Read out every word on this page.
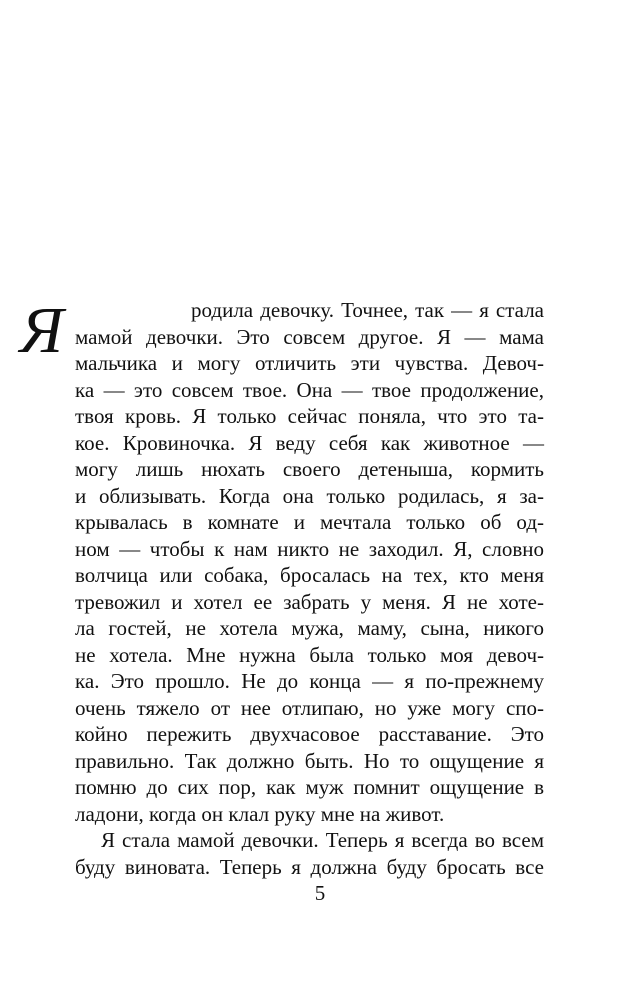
Я	родила девочку. Точнее, так — я стала
мамой девочки. Это совсем другое. Я — мама
мальчика и могу отличить эти чувства. Девоч-
ка — это совсем твое. Она — твое продолжение,
твоя кровь. Я только сейчас поняла, что это та-
кое. Кровиночка. Я веду себя как животное —
могу лишь нюхать своего детеныша, кормить
и облизывать. Когда она только родилась, я за-
крывалась в комнате и мечтала только об од-
ном — чтобы к нам никто не заходил. Я, словно
волчица или собака, бросалась на тех, кто меня
тревожил и хотел ее забрать у меня. Я не хоте-
ла гостей, не хотела мужа, маму, сына, никого
не хотела. Мне нужна была только моя девоч-
ка. Это прошло. Не до конца — я по-прежнему
очень тяжело от нее отлипаю, но уже могу спо-
койно пережить двухчасовое расставание. Это
правильно. Так должно быть. Но то ощущение я
помню до сих пор, как муж помнит ощущение в
ладони, когда он клал руку мне на живот.
Я стала мамой девочки. Теперь я всегда во всем
буду виновата. Теперь я должна буду бросать все
5
